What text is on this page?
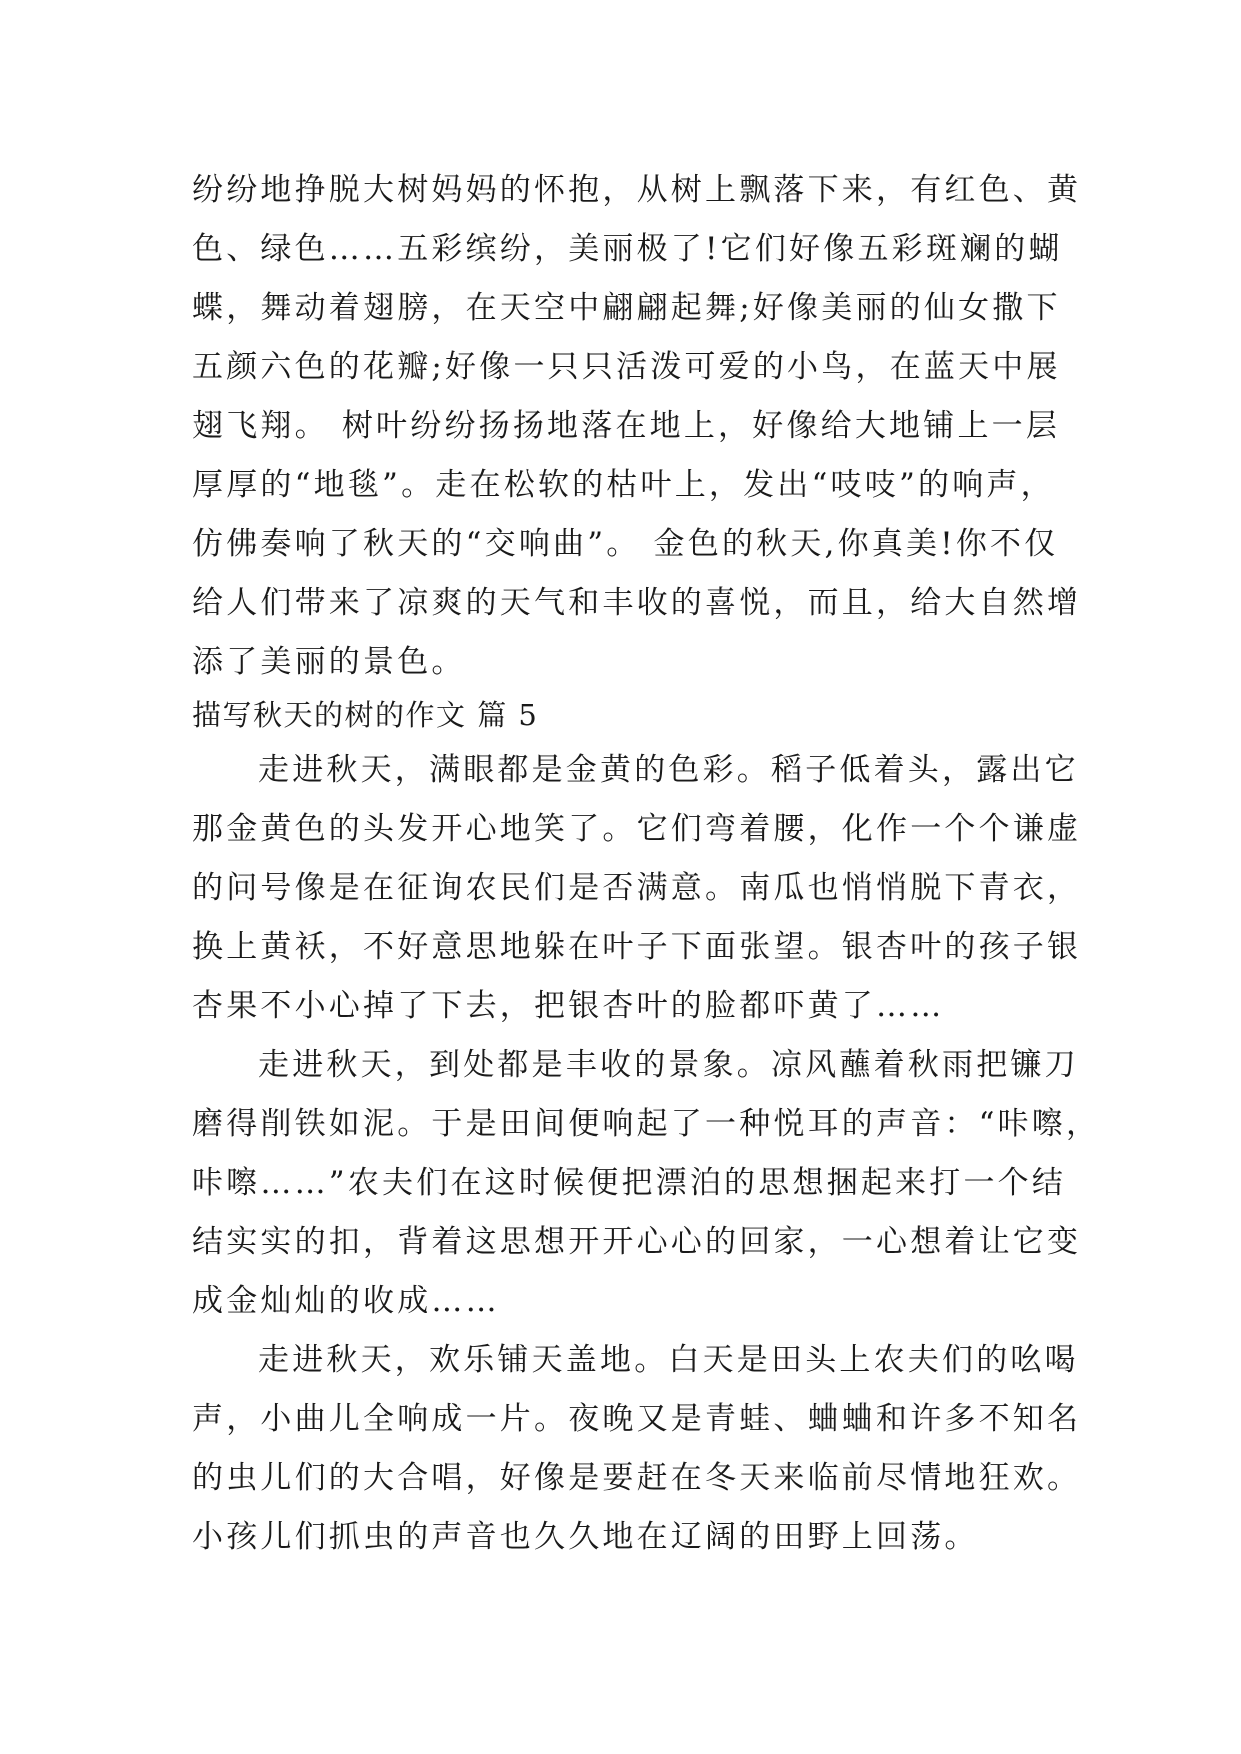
纷纷地挣脱大树妈妈的怀抱，从树上飘落下来，有红色、黄
色、绿色……五彩缤纷，美丽极了!它们好像五彩斑斓的蝴
蝶，舞动着翅膀，在天空中翩翩起舞;好像美丽的仙女撒下
五颜六色的花瓣;好像一只只活泼可爱的小鸟，在蓝天中展
翅飞翔。 树叶纷纷扬扬地落在地上，好像给大地铺上一层
厚厚的“地毯”。走在松软的枯叶上，发出“吱吱”的响声，
仿佛奏响了秋天的“交响曲”。 金色的秋天,你真美!你不仅
给人们带来了凉爽的天气和丰收的喜悦，而且，给大自然增
添了美丽的景色。
描写秋天的树的作文 篇 5
走进秋天，满眼都是金黄的色彩。稻子低着头，露出它
那金黄色的头发开心地笑了。它们弯着腰，化作一个个谦虚
的问号像是在征询农民们是否满意。南瓜也悄悄脱下青衣，
换上黄袄，不好意思地躲在叶子下面张望。银杏叶的孩子银
杏果不小心掉了下去，把银杏叶的脸都吓黄了……
走进秋天，到处都是丰收的景象。凉风蘸着秋雨把镰刀
磨得削铁如泥。于是田间便响起了一种悦耳的声音：“咔嚓，
咔嚓……”农夫们在这时候便把漂泊的思想捆起来打一个结
结实实的扣，背着这思想开开心心的回家，一心想着让它变
成金灿灿的收成……
走进秋天，欢乐铺天盖地。白天是田头上农夫们的吆喝
声，小曲儿全响成一片。夜晚又是青蛙、蛐蛐和许多不知名
的虫儿们的大合唱，好像是要赶在冬天来临前尽情地狂欢。
小孩儿们抓虫的声音也久久地在辽阔的田野上回荡。
